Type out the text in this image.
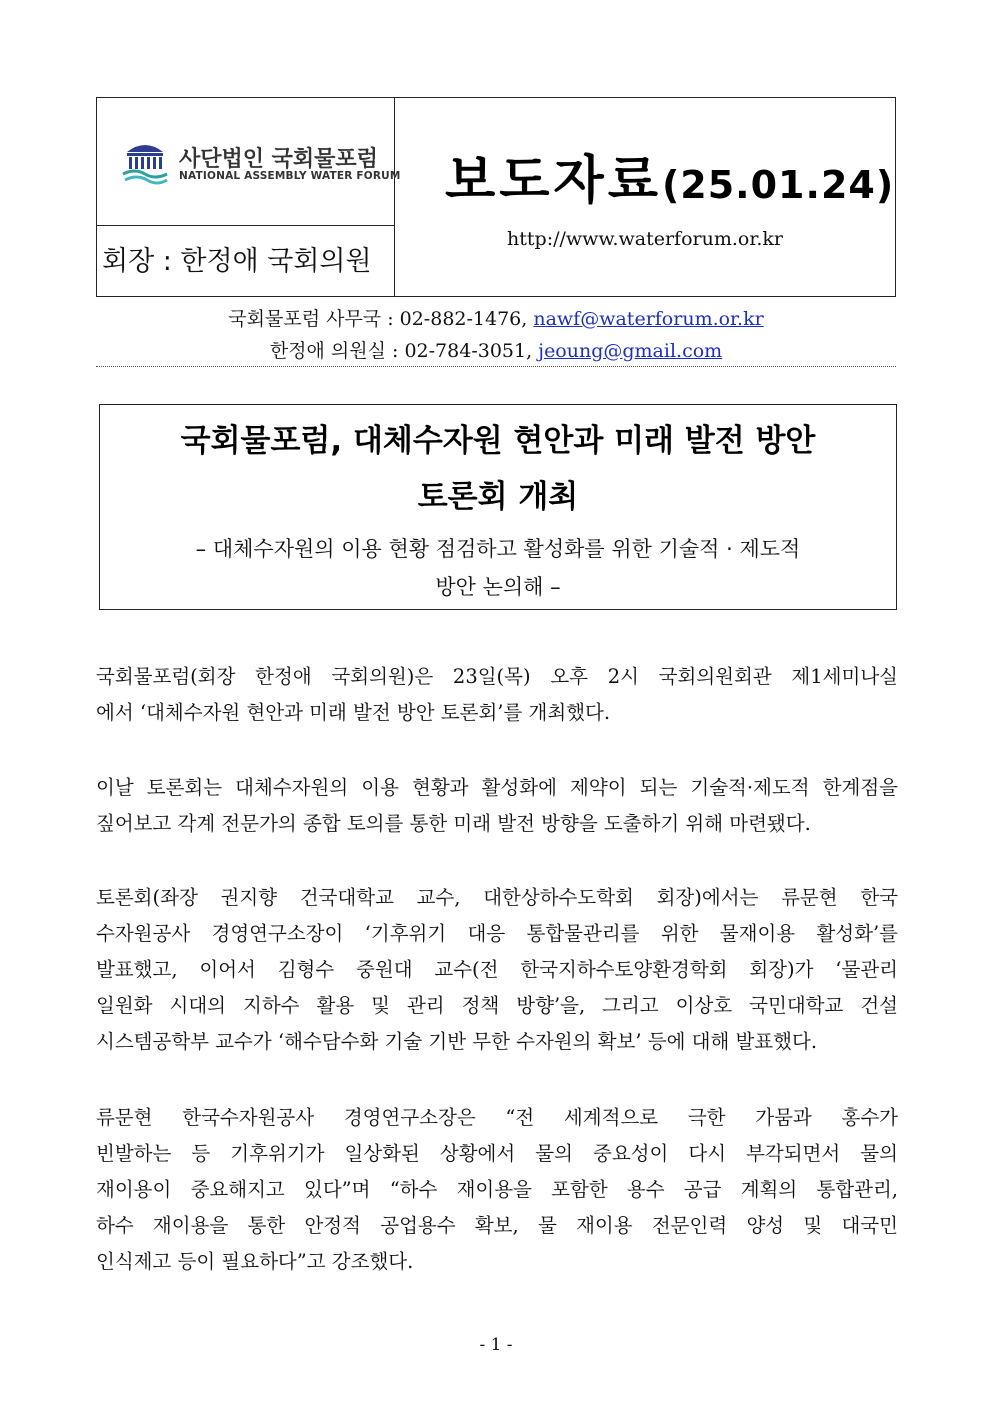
사단법인 국회물포럼
NATIONAL ASSEMBLY WATER FORUM
회장 : 한정애 국회의원
보도자료(25.01.24)
http://www.waterforum.or.kr
국회물포럼 사무국 : 02-882-1476, nawf@waterforum.or.kr
한정애 의원실 : 02-784-3051, jeoung@gmail.com
국회물포럼, 대체수자원 현안과 미래 발전 방안
토론회 개최
– 대체수자원의 이용 현황 점검하고 활성화를 위한 기술적 · 제도적
방안 논의해 –
국회물포럼(회장 한정애 국회의원)은 23일(목) 오후 2시 국회의원회관 제1세미나실
에서 ‘대체수자원 현안과 미래 발전 방안 토론회’를 개최했다.
이날 토론회는 대체수자원의 이용 현황과 활성화에 제약이 되는 기술적·제도적 한계점을
짚어보고 각계 전문가의 종합 토의를 통한 미래 발전 방향을 도출하기 위해 마련됐다.
토론회(좌장 권지향 건국대학교 교수, 대한상하수도학회 회장)에서는 류문현 한국
수자원공사 경영연구소장이 ‘기후위기 대응 통합물관리를 위한 물재이용 활성화’를
발표했고, 이어서 김형수 중원대 교수(전 한국지하수토양환경학회 회장)가 ‘물관리
일원화 시대의 지하수 활용 및 관리 정책 방향’을, 그리고 이상호 국민대학교 건설
시스템공학부 교수가 ‘해수담수화 기술 기반 무한 수자원의 확보’ 등에 대해 발표했다.
류문현 한국수자원공사 경영연구소장은 “전 세계적으로 극한 가뭄과 홍수가
빈발하는 등 기후위기가 일상화된 상황에서 물의 중요성이 다시 부각되면서 물의
재이용이 중요해지고 있다”며 “하수 재이용을 포함한 용수 공급 계획의 통합관리,
하수 재이용을 통한 안정적 공업용수 확보, 물 재이용 전문인력 양성 및 대국민
인식제고 등이 필요하다”고 강조했다.
- 1 -
